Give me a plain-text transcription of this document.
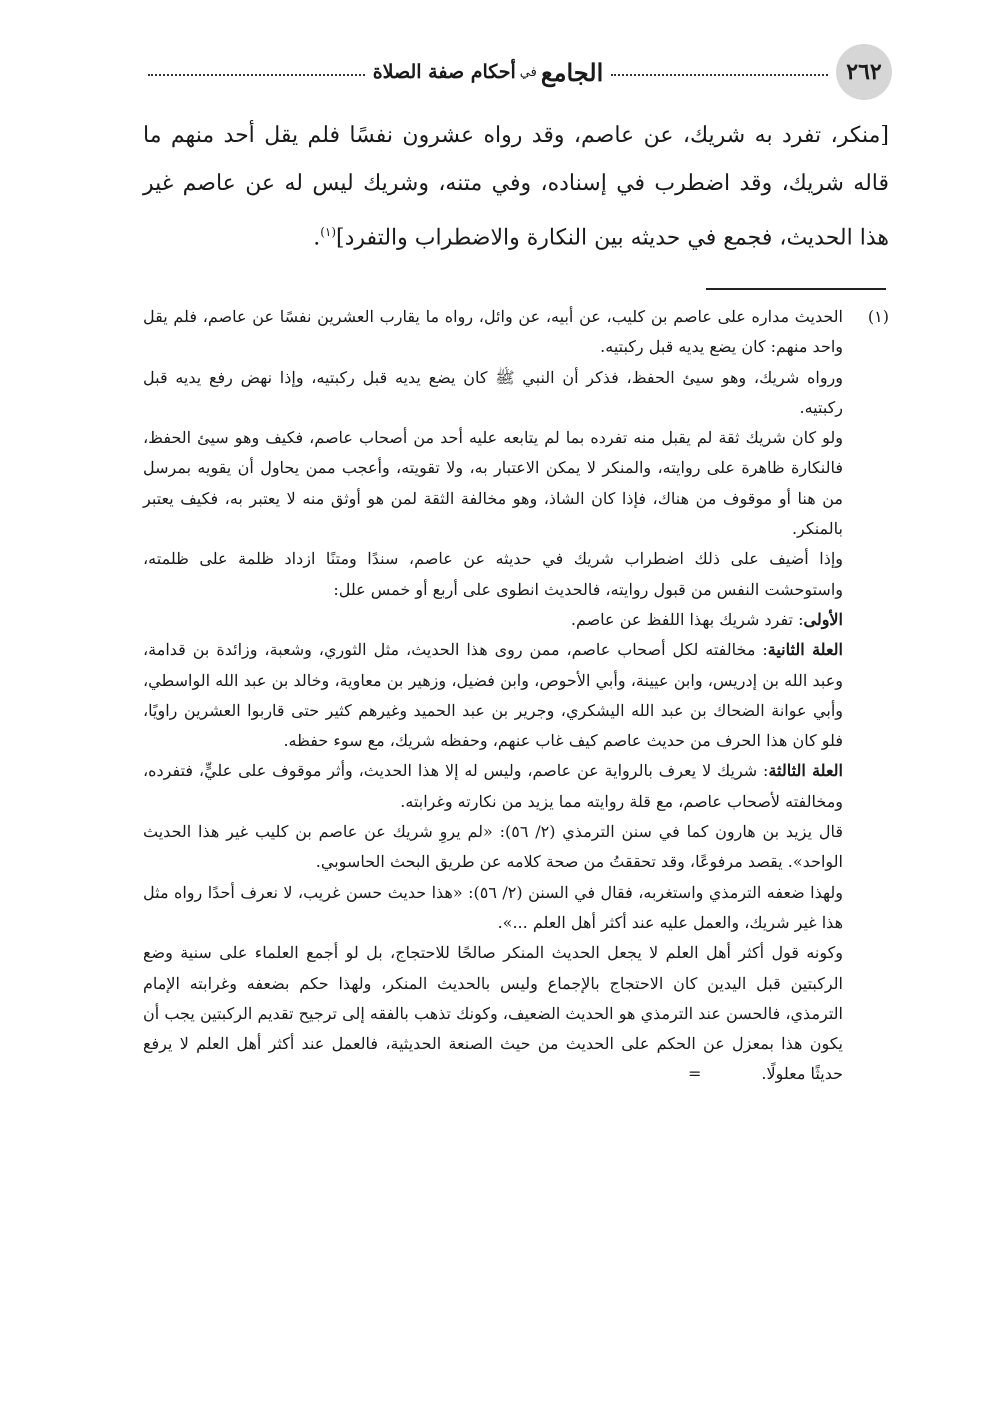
٢٦٢
الجامع
في
أحكام صفة الصلاة
[منكر، تفرد به شريك، عن عاصم، وقد رواه عشرون نفسًا فلم يقل أحد منهم ما قاله شريك، وقد اضطرب في إسناده، وفي متنه، وشريك ليس له عن عاصم غير هذا الحديث، فجمع في حديثه بين النكارة والاضطراب والتفرد]$^{(١)}$.
(١)

الحديث مداره على عاصم بن كليب، عن أبيه، عن وائل، رواه ما يقارب العشرين نفسًا عن عاصم، فلم يقل واحد منهم: كان يضع يديه قبل ركبتيه.

ورواه شريك، وهو سيئ الحفظ، فذكر أن النبي ﷺ كان يضع يديه قبل ركبتيه، وإذا نهض رفع يديه قبل ركبتيه.

ولو كان شريك ثقة لم يقبل منه تفرده بما لم يتابعه عليه أحد من أصحاب عاصم، فكيف وهو سيئ الحفظ، فالنكارة ظاهرة على روايته، والمنكر لا يمكن الاعتبار به، ولا تقويته، وأعجب ممن يحاول أن يقويه بمرسل من هنا أو موقوف من هناك، فإذا كان الشاذ، وهو مخالفة الثقة لمن هو أوثق منه لا يعتبر به، فكيف يعتبر بالمنكر.

وإذا أضيف على ذلك اضطراب شريك في حديثه عن عاصم، سندًا ومتنًا ازداد ظلمة على ظلمته، واستوحشت النفس من قبول روايته، فالحديث انطوى على أربع أو خمس علل:

الأولى: تفرد شريك بهذا اللفظ عن عاصم.

العلة الثانية: مخالفته لكل أصحاب عاصم، ممن روى هذا الحديث، مثل الثوري، وشعبة، وزائدة بن قدامة، وعبد الله بن إدريس، وابن عيينة، وأبي الأحوص، وابن فضيل، وزهير بن معاوية، وخالد بن عبد الله الواسطي، وأبي عوانة الضحاك بن عبد الله اليشكري، وجرير بن عبد الحميد وغيرهم كثير حتى قاربوا العشرين راويًا، فلو كان هذا الحرف من حديث عاصم كيف غاب عنهم، وحفظه شريك، مع سوء حفظه.

العلة الثالثة: شريك لا يعرف بالرواية عن عاصم، وليس له إلا هذا الحديث، وأثر موقوف على عليٍّ، فتفرده، ومخالفته لأصحاب عاصم، مع قلة روايته مما يزيد من نكارته وغرابته.

قال يزيد بن هارون كما في سنن الترمذي (٢/ ٥٦): «لم يروِ شريك عن عاصم بن كليب غير هذا الحديث الواحد». يقصد مرفوعًا، وقد تحققتُ من صحة كلامه عن طريق البحث الحاسوبي.

ولهذا ضعفه الترمذي واستغربه، فقال في السنن (٢/ ٥٦): «هذا حديث حسن غريب، لا نعرف أحدًا رواه مثل هذا غير شريك، والعمل عليه عند أكثر أهل العلم ...».

وكونه قول أكثر أهل العلم لا يجعل الحديث المنكر صالحًا للاحتجاج، بل لو أجمع العلماء على سنية وضع الركبتين قبل اليدين كان الاحتجاج بالإجماع وليس بالحديث المنكر، ولهذا حكم بضعفه وغرابته الإمام الترمذي، فالحسن عند الترمذي هو الحديث الضعيف، وكونك تذهب بالفقه إلى ترجيح تقديم الركبتين يجب أن يكون هذا بمعزل عن الحكم على الحديث من حيث الصنعة الحديثية، فالعمل عند أكثر أهل العلم لا يرفع حديثًا معلولًا.=
